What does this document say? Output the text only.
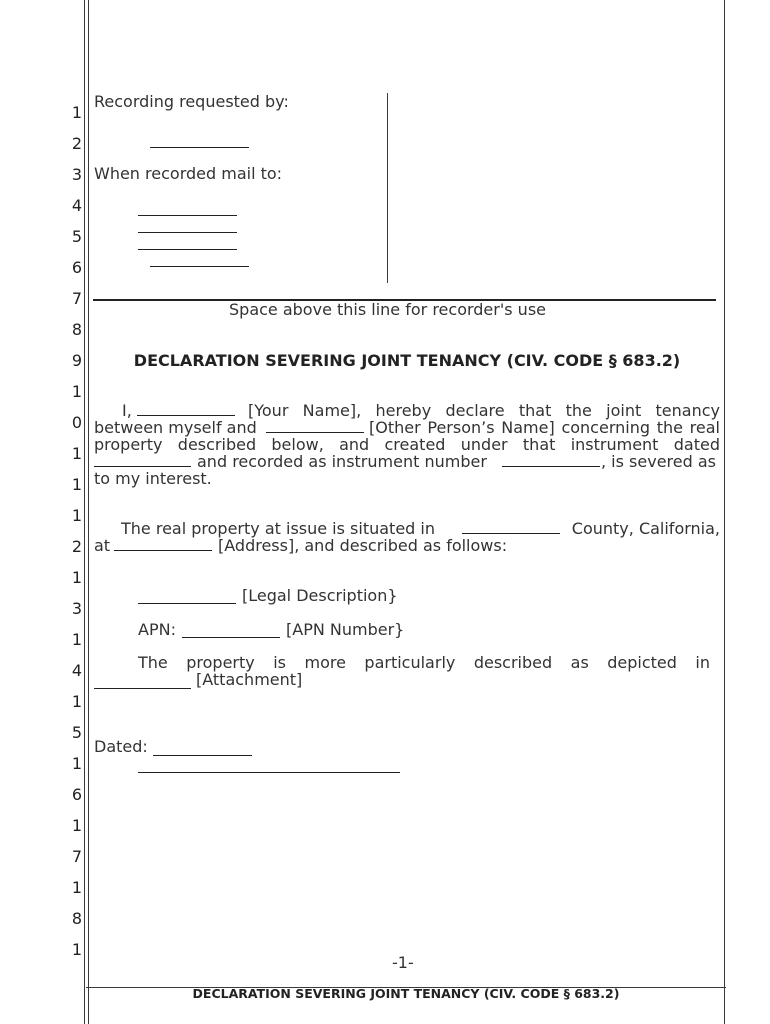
1
2
3
4
5
6
7
8
9
1
0
1
1
1
2
1
3
1
4
1
5
1
6
1
7
1
8
1
Recording requested by:
When recorded mail to:
Space above this line for recorder's use
DECLARATION SEVERING JOINT TENANCY (CIV. CODE § 683.2)
I,	[Your Name], hereby declare that the joint tenancy
between myself and	[Other Person’s Name] concerning the real
property described below, and created under that instrument dated
and recorded as instrument number	, is severed as
to my interest.
The real property at issue is situated in	County, California,
at	[Address], and described as follows:
[Legal Description}
APN:	[APN Number}
The property is more particularly described as depicted in
[Attachment]
Dated:
-1-
DECLARATION SEVERING JOINT TENANCY (CIV. CODE § 683.2)
